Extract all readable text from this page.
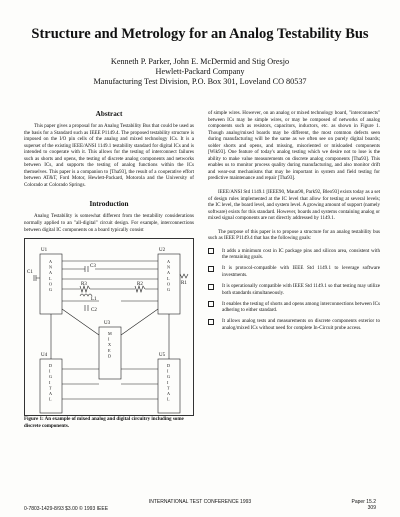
Structure and Metrology for an Analog Testability Bus
Kenneth P. Parker, John E. McDermid and Stig Oresjo
Hewlett-Packard Company
Manufacturing Test Division, P.O. Box 301, Loveland CO 80537
Abstract

This paper gives a proposal for an Analog Testability Bus that could be used as the basis for a Standard such as IEEE P1149.4. The proposed testability structure is imposed on the I/O pin cells of the analog and mixed technology ICs. It is a superset of the existing IEEE/ANSI 1149.1 testability standard for digital ICs and is intended to cooperate with it. This allows for the testing of interconnect failures such as shorts and opens, the testing of discrete analog components and networks between ICs, and supports the testing of analog functions within the ICs themselves. This paper is a companion to [Tha93], the result of a cooperative effort between AT&T, Ford Motor, Hewlett-Packard, Motorola and the University of Colorado at Colorado Springs.

Introduction

Analog Testability is somewhat different from the testability considerations normally applied to an "all-digital" circuit design. For example, interconnections between digital IC components on a board typically consist

U1	U2
U3
U4	U5
C1
C2
C3
R1
R2
R3
L1
A N A L O G
A N A L O G
M I X E D
D I G I T A L
D I G I T A L

Figure 1: An example of mixed analog and digital circuitry including some discrete components.

of simple wires. However, on an analog or mixed technology board, "interconnects" between ICs may be simple wires, or may be composed of networks of analog components such as resistors, capacitors, inductors, etc. as shown in Figure 1. Though analog/mixed boards may be different, the most common defects seen during manufacturing will be the same as we often see on purely digital boards; solder shorts and opens, and missing, misoriented or misloaded components [Wik93]. One feature of today's analog testing which we desire not to lose is the ability to make value measurements on discrete analog components [Tha93]. This enables us to monitor process quality during manufacturing, and also monitor drift and wear-out mechanisms that may be important in system and field testing for predictive maintenance and repair [Tha93].

IEEE/ANSI Std 1149.1 [IEEE90, Maun90, Park92, Bleo93] exists today as a set of design rules implemented at the IC level that allow for testing at several levels; the IC level, the board level, and system level. A growing amount of support (namely software) exists for this standard. However, boards and systems containing analog or mixed signal components are not directly addressed by 1149.1.

The purpose of this paper is to propose a structure for an analog testability bus such as IEEE P1149.4 that has the following goals:

It adds a minimum cost in IC package pins and silicon area, consistent with the remaining goals.
It is protocol-compatible with IEEE Std 1149.1 to leverage software investments.
It is operationally compatible with IEEE Std 1149.1 so that testing may utilize both standards simultaneously.
It enables the testing of shorts and opens among interconnections between ICs adhering to either standard.
It allows analog tests and measurements on discrete components exterior to analog/mixed ICs without need for complete In-Circuit probe access.
INTERNATIONAL TEST CONFERENCE 1993
0-7803-1429-8/93 $3.00 © 1993 IEEE
Paper 15.2
309
